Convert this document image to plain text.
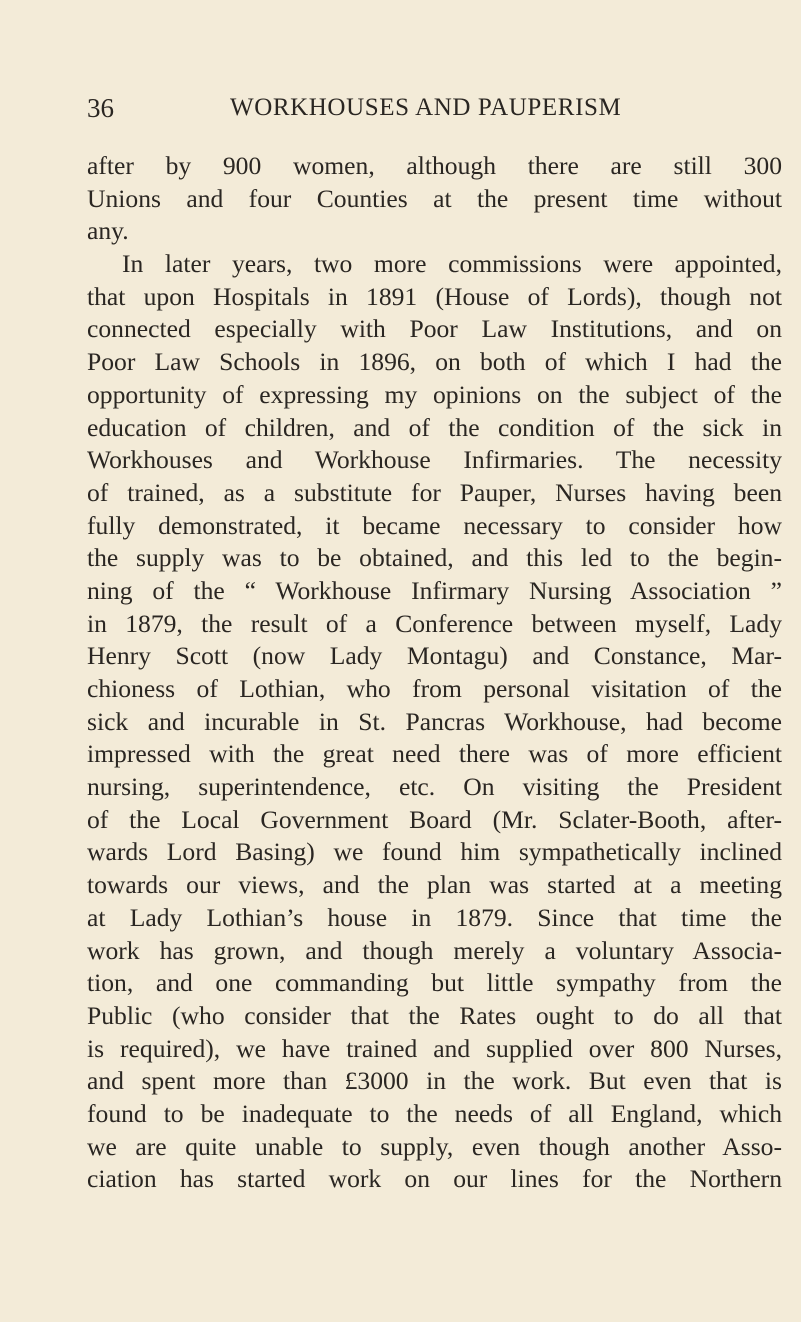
36	WORKHOUSES AND PAUPERISM
after by 900 women, although there are still 300
Unions and four Counties at the present time without
any.
In later years, two more commissions were appointed,
that upon Hospitals in 1891 (House of Lords), though not
connected especially with Poor Law Institutions, and on
Poor Law Schools in 1896, on both of which I had the
opportunity of expressing my opinions on the subject of the
education of children, and of the condition of the sick in
Workhouses and Workhouse Infirmaries. The necessity
of trained, as a substitute for Pauper, Nurses having been
fully demonstrated, it became necessary to consider how
the supply was to be obtained, and this led to the begin-
ning of the “ Workhouse Infirmary Nursing Association ”
in 1879, the result of a Conference between myself, Lady
Henry Scott (now Lady Montagu) and Constance, Mar-
chioness of Lothian, who from personal visitation of the
sick and incurable in St. Pancras Workhouse, had become
impressed with the great need there was of more efficient
nursing, superintendence, etc. On visiting the President
of the Local Government Board (Mr. Sclater-Booth, after-
wards Lord Basing) we found him sympathetically inclined
towards our views, and the plan was started at a meeting
at Lady Lothian’s house in 1879. Since that time the
work has grown, and though merely a voluntary Associa-
tion, and one commanding but little sympathy from the
Public (who consider that the Rates ought to do all that
is required), we have trained and supplied over 800 Nurses,
and spent more than £3000 in the work. But even that is
found to be inadequate to the needs of all England, which
we are quite unable to supply, even though another Asso-
ciation has started work on our lines for the Northern
